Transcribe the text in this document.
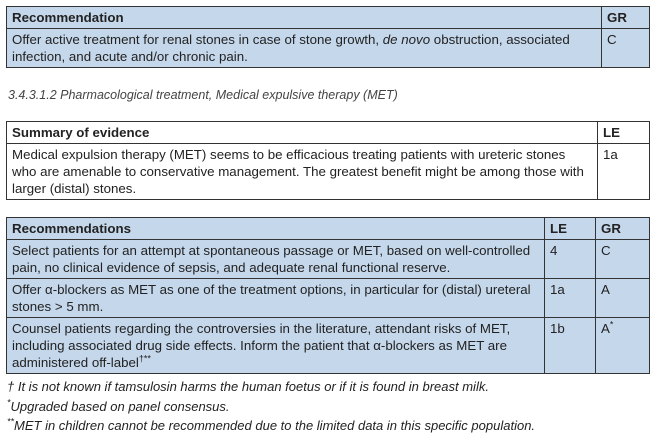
Recommendation	GR
Offer active treatment for renal stones in case of stone growth, de novo obstruction, associated infection, and acute and/or chronic pain.	C
3.4.3.1.2 Pharmacological treatment, Medical expulsive therapy (MET)
Summary of evidence	LE
Medical expulsion therapy (MET) seems to be efficacious treating patients with ureteric stones who are amenable to conservative management. The greatest benefit might be among those with larger (distal) stones.	1a
Recommendations	LE	GR
Select patients for an attempt at spontaneous passage or MET, based on well-controlled pain, no clinical evidence of sepsis, and adequate renal functional reserve.	4	C
Offer α-blockers as MET as one of the treatment options, in particular for (distal) ureteral stones > 5 mm.	1a	A
Counsel patients regarding the controversies in the literature, attendant risks of MET, including associated drug side effects. Inform the patient that α-blockers as MET are administered off-label†**	1b	A*
† It is not known if tamsulosin harms the human foetus or if it is found in breast milk.
*Upgraded based on panel consensus.
**MET in children cannot be recommended due to the limited data in this specific population.
